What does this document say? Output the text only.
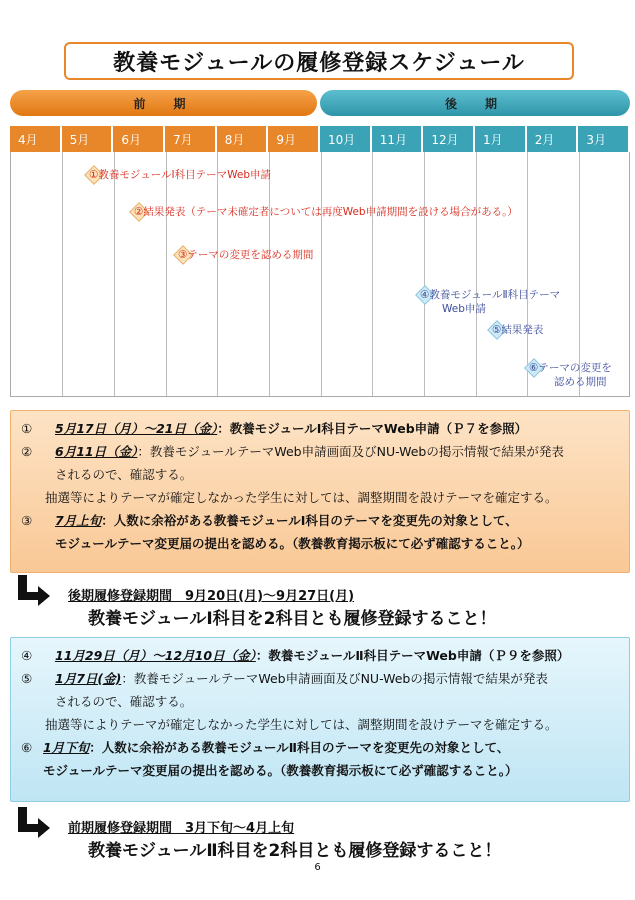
教養モジュールの履修登録スケジュール
前　期	後　期
4月	5月	6月	7月	8月	9月	10月	11月	12月	1月	2月	3月
①教養モジュールⅠ科目テーマWeb申請
②結果発表（テーマ未確定者については再度Web申請期間を設ける場合がある。）
③テーマの変更を認める期間
④教養モジュールⅡ科目テーマ
Web申請
⑤結果発表
⑥テーマの変更を
認める期間
① 5月17日（月）～21日（金）：教養モジュールⅠ科目テーマWeb申請（Ｐ７を参照）
② 6月11日（金）：教養モジュールテーマWeb申請画面及びNU-Webの掲示情報で結果が発表
されるので、確認する。
抽選等によりテーマが確定しなかった学生に対しては、調整期間を設けテーマを確定する。
③ 7月上旬：人数に余裕がある教養モジュールⅠ科目のテーマを変更先の対象として、
モジュールテーマ変更届の提出を認める。（教養教育掲示板にて必ず確認すること。）
後期履修登録期間　9月20日(月)～9月27日(月)
教養モジュールⅠ科目を2科目とも履修登録すること！
④ 11月29日（月）～12月10日（金）：教養モジュールⅡ科目テーマWeb申請（Ｐ９を参照）
⑤ 1月7日(金)：教養モジュールテーマWeb申請画面及びNU-Webの掲示情報で結果が発表
されるので、確認する。
抽選等によりテーマが確定しなかった学生に対しては、調整期間を設けテーマを確定する。
⑥ 1月下旬：人数に余裕がある教養モジュールⅡ科目のテーマを変更先の対象として、
モジュールテーマ変更届の提出を認める。（教養教育掲示板にて必ず確認すること。）
前期履修登録期間　3月下旬～4月上旬
教養モジュールⅡ科目を2科目とも履修登録すること！
6
